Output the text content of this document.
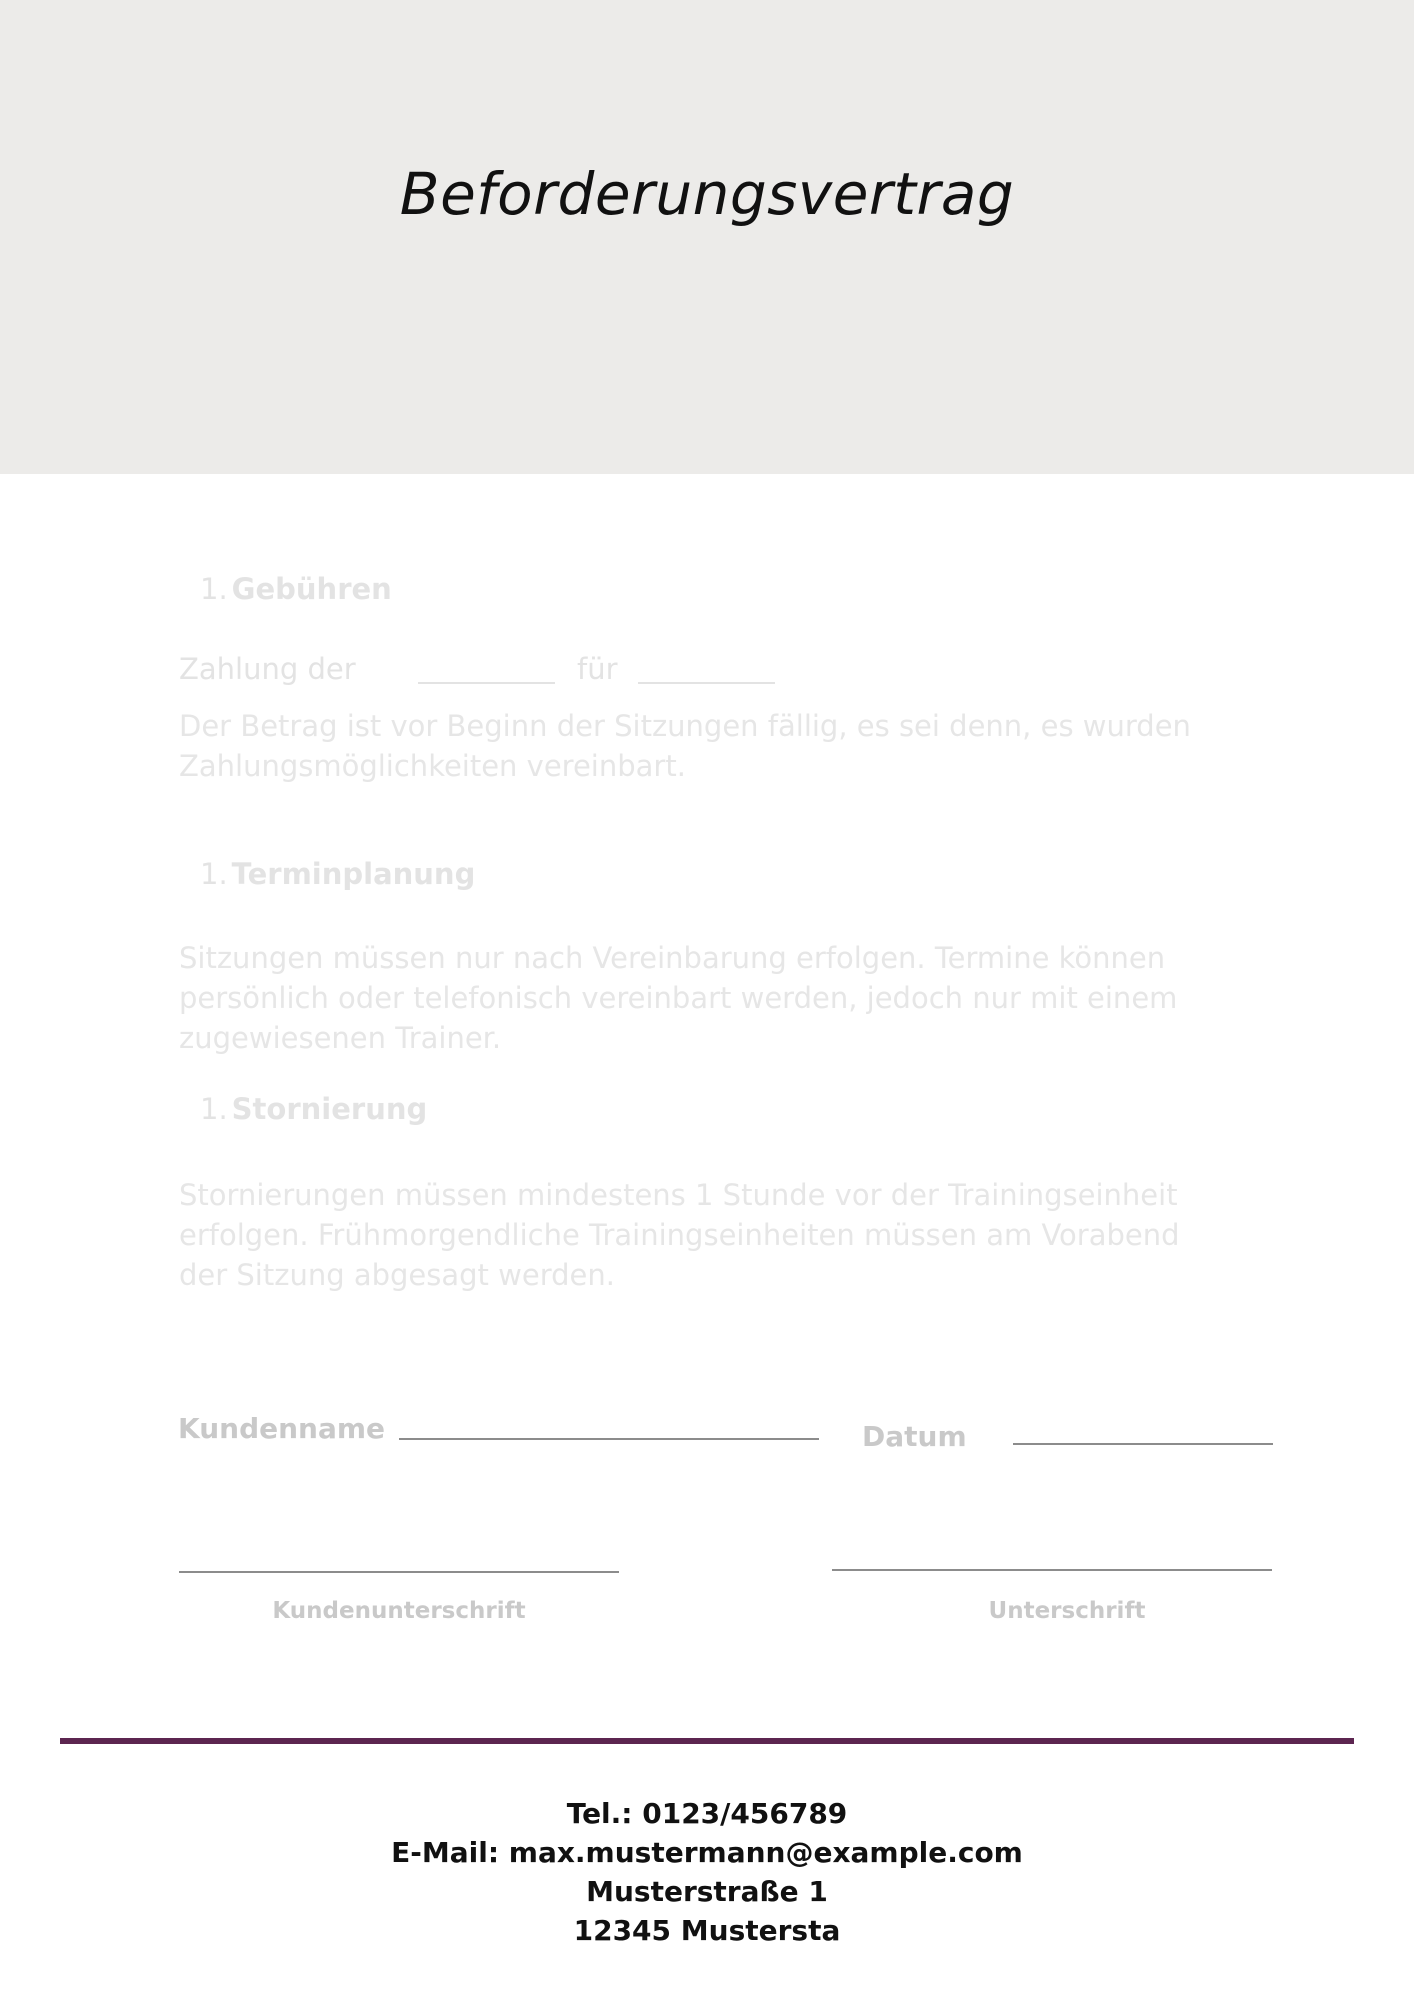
Beforderungsvertrag
1. Gebühren
Zahlung der	für
Der Betrag ist vor Beginn der Sitzungen fällig, es sei denn, es wurden Zahlungsmöglichkeiten vereinbart.
1. Terminplanung
Sitzungen müssen nur nach Vereinbarung erfolgen. Termine können persönlich oder telefonisch vereinbart werden, jedoch nur mit einem zugewiesenen Trainer.
1. Stornierung
Stornierungen müssen mindestens 1 Stunde vor der Trainingseinheit erfolgen. Frühmorgendliche Trainingseinheiten müssen am Vorabend der Sitzung abgesagt werden.
Kundenname	Datum
Kundenunterschrift	Unterschrift
Tel.: 0123/456789
E-Mail: max.mustermann@example.com
Musterstraße 1
12345 Mustersta
